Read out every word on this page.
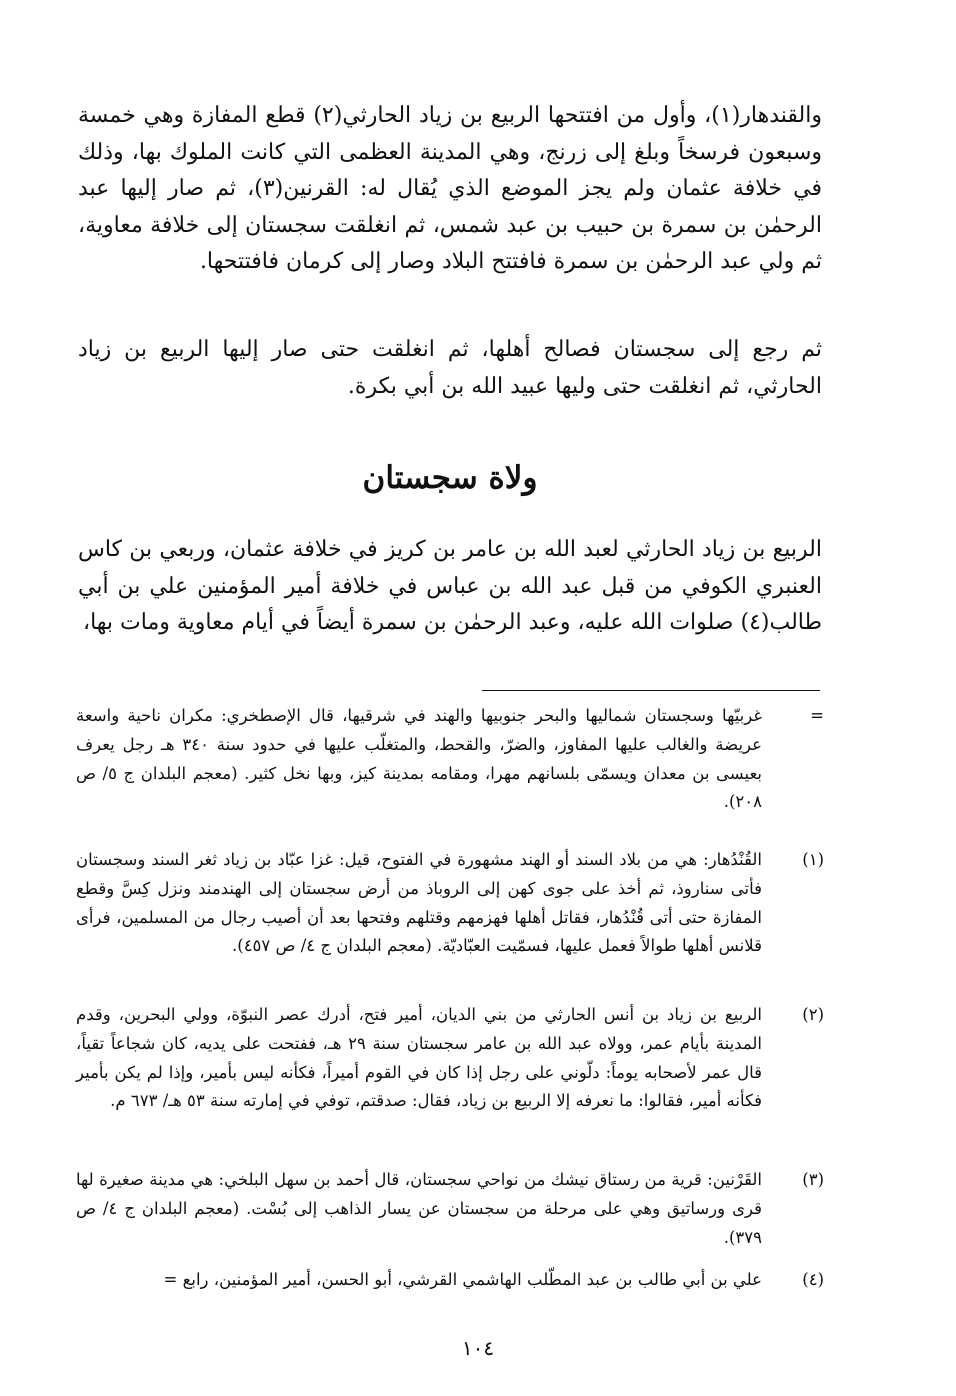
والقندهار(١)، وأول من افتتحها الربيع بن زياد الحارثي(٢) قطع المفازة وهي خمسة وسبعون فرسخاً وبلغ إلى زرنج، وهي المدينة العظمى التي كانت الملوك بها، وذلك في خلافة عثمان ولم يجز الموضع الذي يُقال له: القرنين(٣)، ثم صار إليها عبد الرحمٰن بن سمرة بن حبيب بن عبد شمس، ثم انغلقت سجستان إلى خلافة معاوية، ثم ولي عبد الرحمٰن بن سمرة فافتتح البلاد وصار إلى كرمان فافتتحها.

ثم رجع إلى سجستان فصالح أهلها، ثم انغلقت حتى صار إليها الربيع بن زياد الحارثي، ثم انغلقت حتى وليها عبيد الله بن أبي بكرة.

ولاة سجستان

الربيع بن زياد الحارثي لعبد الله بن عامر بن كريز في خلافة عثمان، وربعي بن كاس العنبري الكوفي من قبل عبد الله بن عباس في خلافة أمير المؤمنين علي بن أبي طالب(٤) صلوات الله عليه، وعبد الرحمٰن بن سمرة أيضاً في أيام معاوية ومات بها،

=
غربيّها وسجستان شماليها والبحر جنوبيها والهند في شرقيها، قال الإصطخري: مكران ناحية واسعة عريضة والغالب عليها المفاوز، والضرّ، والقحط، والمتغلّب عليها في حدود سنة ٣٤٠ هـ رجل يعرف بعيسى بن معدان ويسمّى بلسانهم مهرا، ومقامه بمدينة كيز، وبها نخل كثير. (معجم البلدان ج ٥/ ص ٢٠٨).
(١)
القُنْدُهار: هي من بلاد السند أو الهند مشهورة في الفتوح، قيل: غزا عبّاد بن زياد ثغر السند وسجستان فأتى سناروذ، ثم أخذ على جوى كهن إلى الروباذ من أرض سجستان إلى الهندمند ونزل كِسَّ وقطع المفازة حتى أتى قُنْدُهار، فقاتل أهلها فهزمهم وقتلهم وفتحها بعد أن أصيب رجال من المسلمين، فرأى قلانس أهلها طوالاً فعمل عليها، فسمّيت العبّاديّة. (معجم البلدان ج ٤/ ص ٤٥٧).
(٢)
الربيع بن زياد بن أنس الحارثي من بني الديان، أمير فتح، أدرك عصر النبوّة، وولي البحرين، وقدم المدينة بأيام عمر، وولاه عبد الله بن عامر سجستان سنة ٢٩ هـ، ففتحت على يديه، كان شجاعاً تقياً، قال عمر لأصحابه يوماً: دلّوني على رجل إذا كان في القوم أميراً، فكأنه ليس بأمير، وإذا لم يكن بأمير فكأنه أمير، فقالوا: ما نعرفه إلا الربيع بن زياد، فقال: صدقتم، توفي في إمارته سنة ٥٣ هـ/ ٦٧٣ م.
(٣)
القَرْنين: قرية من رستاق نيشك من نواحي سجستان، قال أحمد بن سهل البلخي: هي مدينة صغيرة لها قرى ورساتيق وهي على مرحلة من سجستان عن يسار الذاهب إلى بُسْت. (معجم البلدان ج ٤/ ص ٣٧٩).
(٤)
علي بن أبي طالب بن عبد المطّلب الهاشمي القرشي، أبو الحسن، أمير المؤمنين، رابع =
١٠٤
